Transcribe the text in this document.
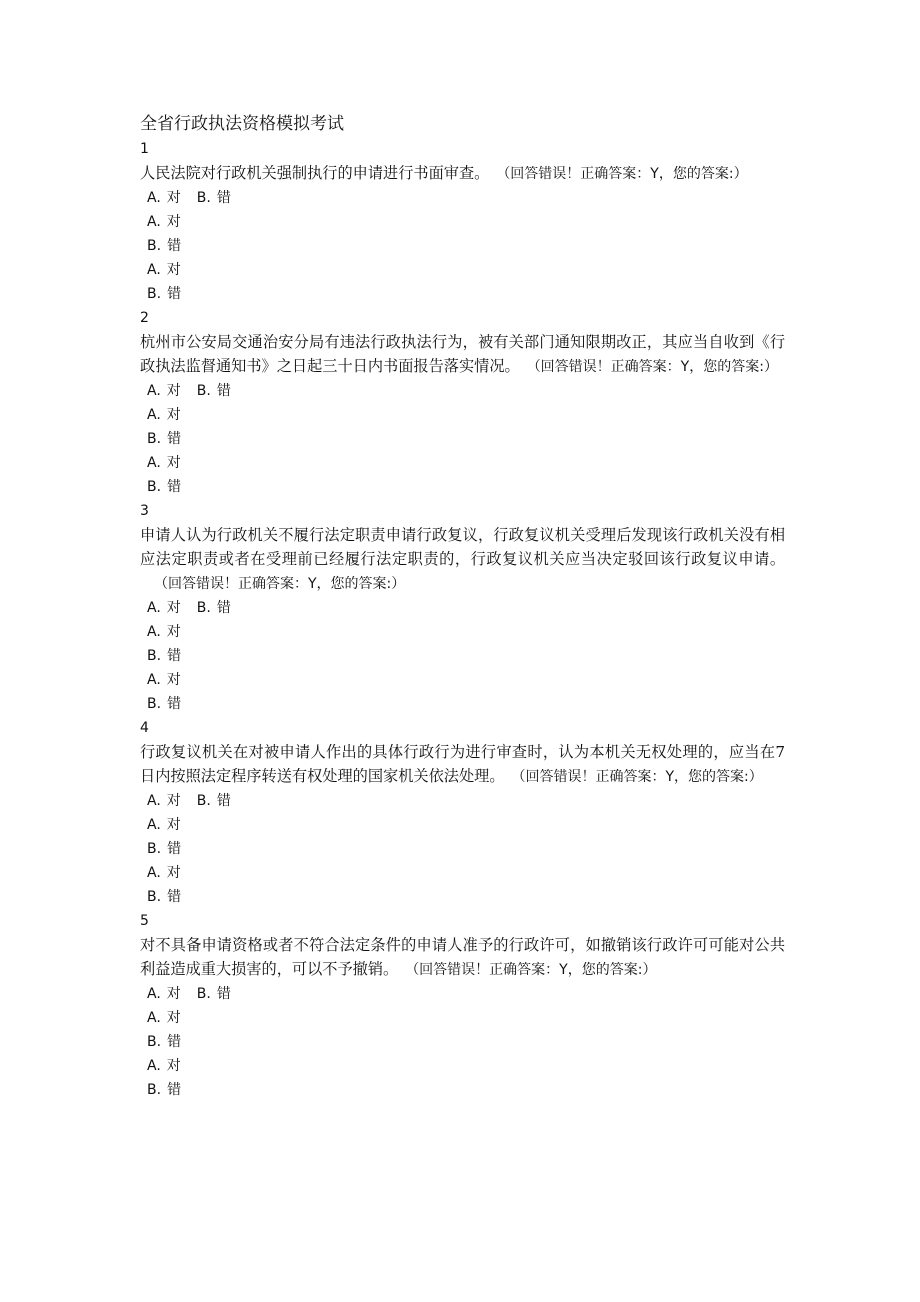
全省行政执法资格模拟考试
1
人民法院对行政机关强制执行的申请进行书面审查。 （回答错误！正确答案：Y，您的答案:）
A. 对 B. 错
A. 对
B. 错
A. 对
B. 错
2
杭州市公安局交通治安分局有违法行政执法行为，被有关部门通知限期改正，其应当自收到《行政执法监督通知书》之日起三十日内书面报告落实情况。 （回答错误！正确答案：Y，您的答案:）
A. 对 B. 错
A. 对
B. 错
A. 对
B. 错
3
申请人认为行政机关不履行法定职责申请行政复议，行政复议机关受理后发现该行政机关没有相应法定职责或者在受理前已经履行法定职责的，行政复议机关应当决定驳回该行政复议申请。（回答错误！正确答案：Y，您的答案:）
A. 对 B. 错
A. 对
B. 错
A. 对
B. 错
4
行政复议机关在对被申请人作出的具体行政行为进行审查时，认为本机关无权处理的，应当在7日内按照法定程序转送有权处理的国家机关依法处理。 （回答错误！正确答案：Y，您的答案:）
A. 对 B. 错
A. 对
B. 错
A. 对
B. 错
5
对不具备申请资格或者不符合法定条件的申请人准予的行政许可，如撤销该行政许可可能对公共利益造成重大损害的，可以不予撤销。 （回答错误！正确答案：Y，您的答案:）
A. 对 B. 错
A. 对
B. 错
A. 对
B. 错
